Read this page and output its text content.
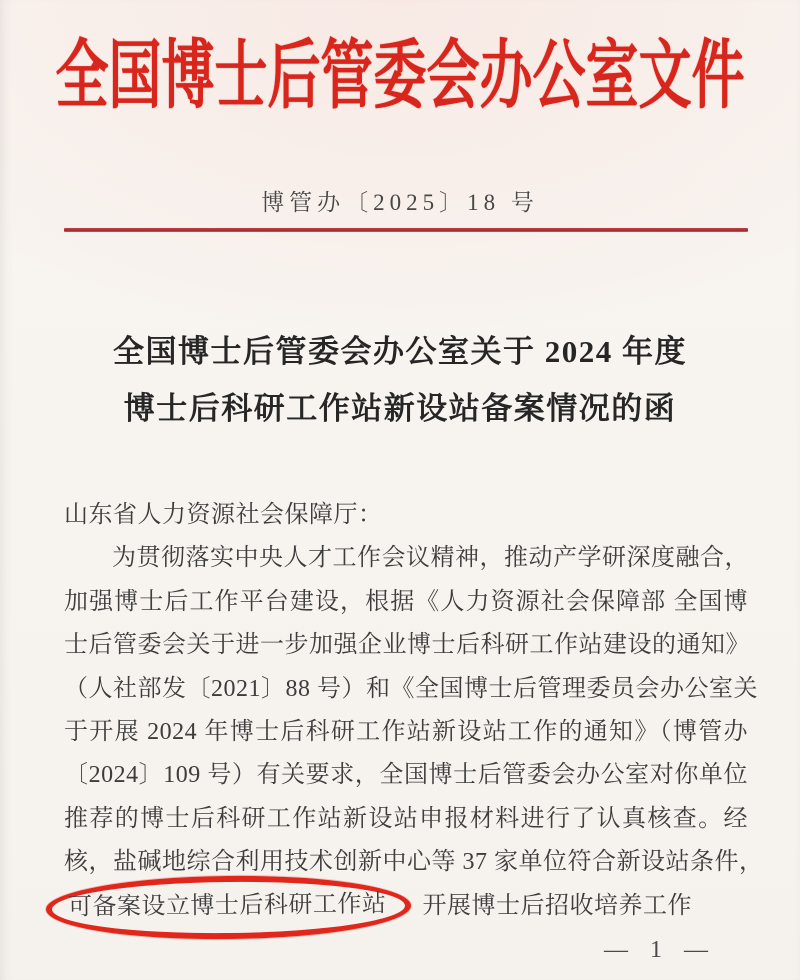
全国博士后管委会办公室文件
博管办〔2025〕18 号
全国博士后管委会办公室关于 2024 年度
博士后科研工作站新设站备案情况的函
山东省人力资源社会保障厅：
为贯彻落实中央人才工作会议精神，推动产学研深度融合，
加强博士后工作平台建设，根据《人力资源社会保障部 全国博
士后管委会关于进一步加强企业博士后科研工作站建设的通知》
（人社部发〔2021〕88 号）和《全国博士后管理委员会办公室关
于开展 2024 年博士后科研工作站新设站工作的通知》（博管办
〔2024〕109 号）有关要求，全国博士后管委会办公室对你单位
推荐的博士后科研工作站新设站申报材料进行了认真核查。经
核，盐碱地综合利用技术创新中心等 37 家单位符合新设站条件，
可备案设立博士后科研工作站 开展博士后招收培养工作
— 1 —
